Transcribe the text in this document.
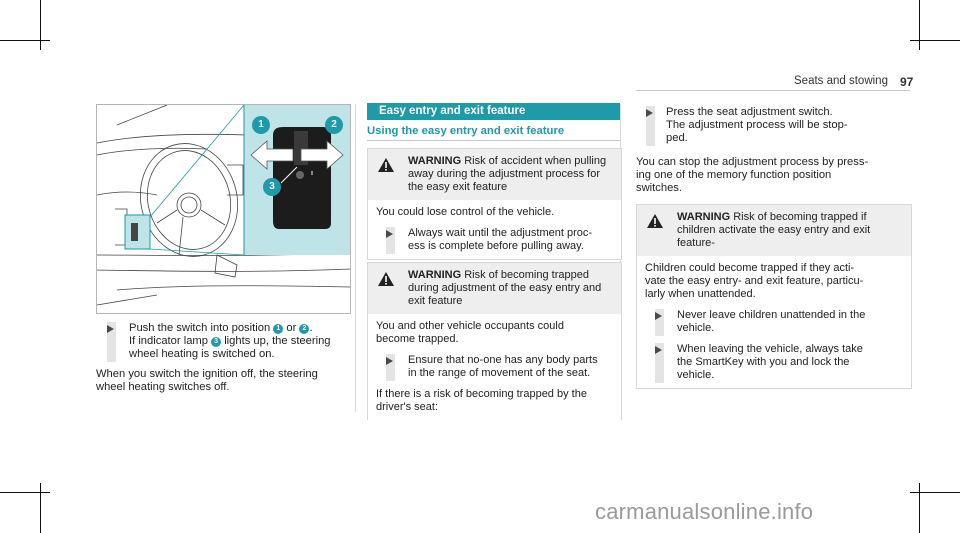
Seats and stowing 97
1	2
3

Push the switch into position 1 or 2 .

If indicator lamp 3 lights up, the steering

wheel heating is switched on.

When you switch the ignition off, the steering

wheel heating switches off.

Easy entry and exit feature
Using the easy entry and exit feature

WARNING Risk of accident when pulling

away during the adjustment process for

the easy exit feature

You could lose control of the vehicle.

Always wait until the adjustment proc-

ess is complete before pulling away.

WARNING Risk of becoming trapped

during adjustment of the easy entry and

exit feature

You and other vehicle occupants could

become trapped.

Ensure that no-one has any body parts

in the range of movement of the seat.

If there is a risk of becoming trapped by the

driver's seat:

Press the seat adjustment switch.

The adjustment process will be stop-

ped.

You can stop the adjustment process by press-

ing one of the memory function position

switches.

WARNING Risk of becoming trapped if

children activate the easy entry and exit

feature-

Children could become trapped if they acti-

vate the easy entry- and exit feature, particu-

larly when unattended.

Never leave children unattended in the

vehicle.

When leaving the vehicle, always take

the SmartKey with you and lock the

vehicle.

carmanualsonline.info
